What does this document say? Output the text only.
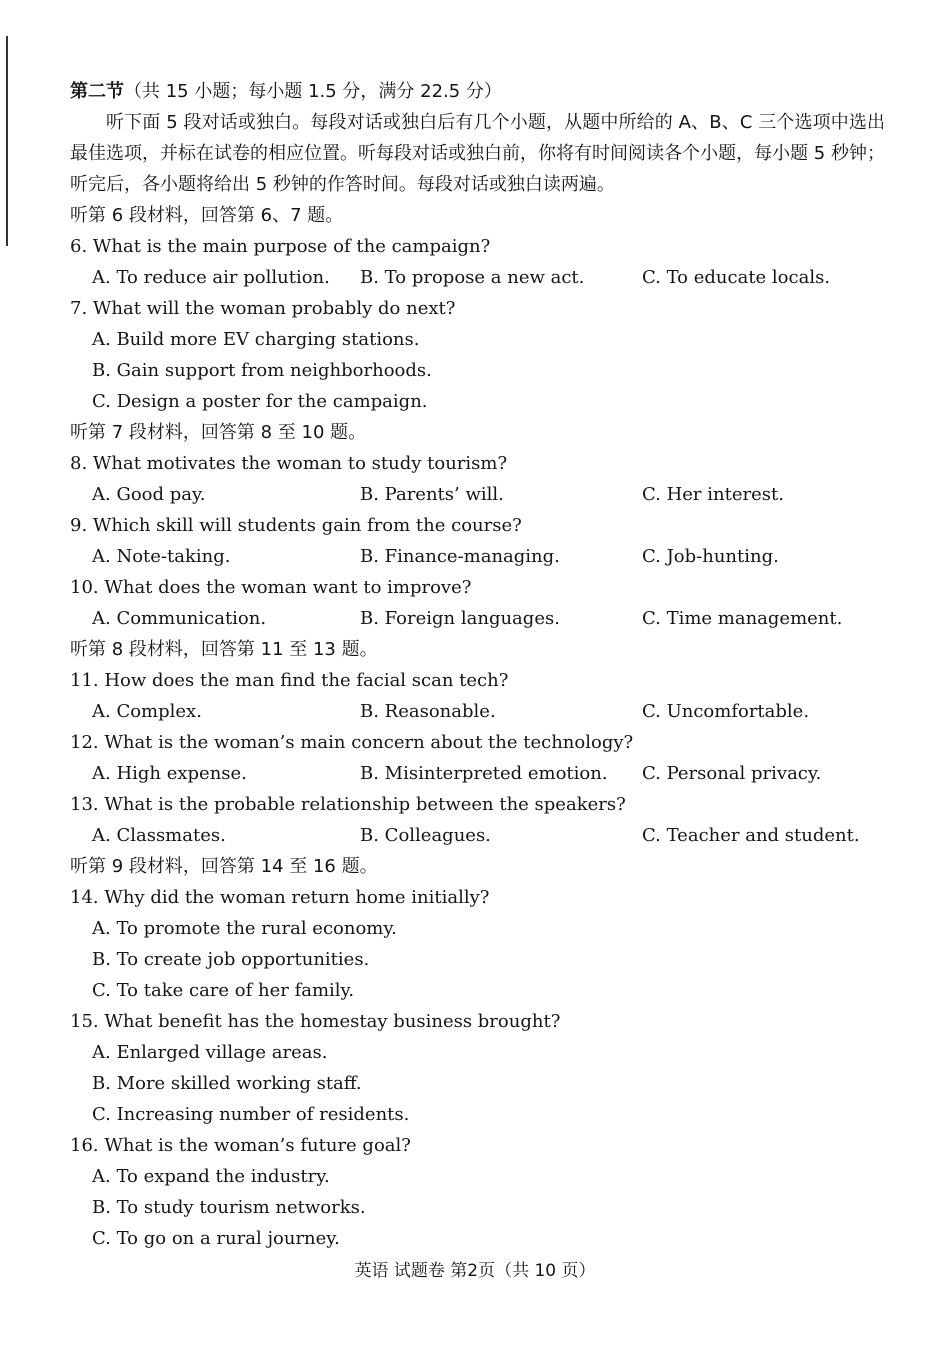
第二节（共 15 小题；每小题 1.5 分，满分 22.5 分）

听下面 5 段对话或独白。每段对话或独白后有几个小题，从题中所给的 A、B、C 三个选项中选出最佳选项，并标在试卷的相应位置。听每段对话或独白前，你将有时间阅读各个小题，每小题 5 秒钟；听完后，各小题将给出 5 秒钟的作答时间。每段对话或独白读两遍。

听第 6 段材料，回答第 6、7 题。
6. What is the main purpose of the campaign?
A. To reduce air pollution. B. To propose a new act.	C. To educate locals.
7. What will the woman probably do next?
A. Build more EV charging stations.
B. Gain support from neighborhoods.
C. Design a poster for the campaign.
听第 7 段材料，回答第 8 至 10 题。
8. What motivates the woman to study tourism?
A. Good pay.	B. Parents’ will.	C. Her interest.
9. Which skill will students gain from the course?
A. Note-taking.	B. Finance-managing.	C. Job-hunting.
10. What does the woman want to improve?
A. Communication.	B. Foreign languages.	C. Time management.
听第 8 段材料，回答第 11 至 13 题。
11. How does the man find the facial scan tech?
A. Complex.	B. Reasonable.	C. Uncomfortable.
12. What is the woman’s main concern about the technology?
A. High expense.	B. Misinterpreted emotion. C. Personal privacy.
13. What is the probable relationship between the speakers?
A. Classmates.	B. Colleagues.	C. Teacher and student.
听第 9 段材料，回答第 14 至 16 题。
14. Why did the woman return home initially?
A. To promote the rural economy.
B. To create job opportunities.
C. To take care of her family.
15. What benefit has the homestay business brought?
A. Enlarged village areas.
B. More skilled working staff.
C. Increasing number of residents.
16. What is the woman’s future goal?
A. To expand the industry.
B. To study tourism networks.
C. To go on a rural journey.
英语 试题卷 第2页（共 10 页）
